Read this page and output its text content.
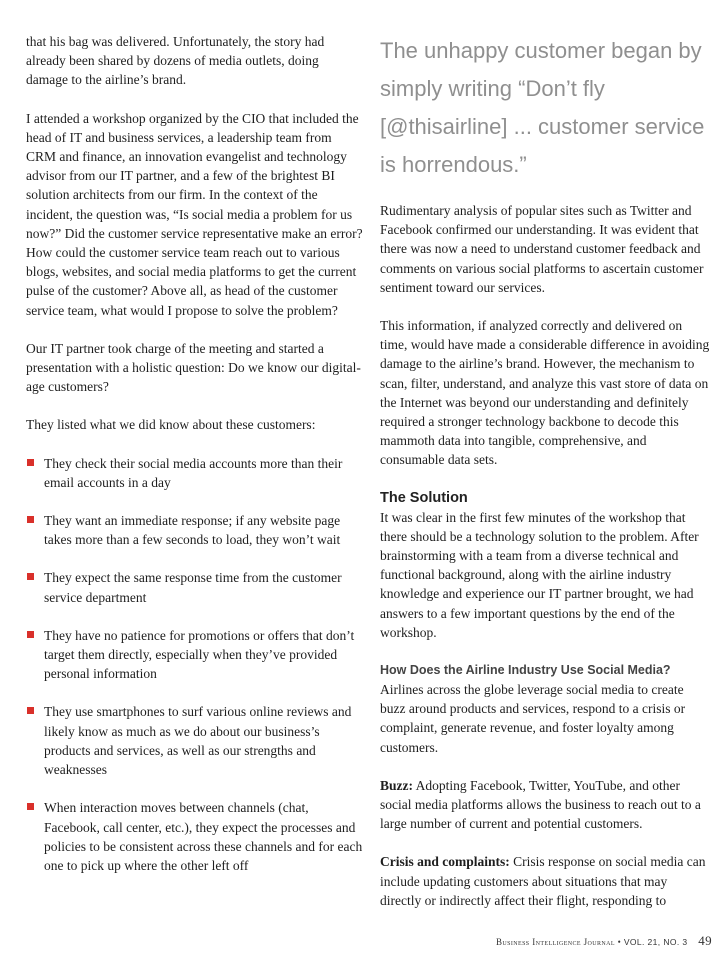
that his bag was delivered. Unfortunately, the story had already been shared by dozens of media outlets, doing damage to the airline’s brand.

I attended a workshop organized by the CIO that included the head of IT and business services, a leadership team from CRM and finance, an innovation evangelist and technology advisor from our IT partner, and a few of the brightest BI solution architects from our firm. In the context of the incident, the question was, “Is social media a problem for us now?” Did the customer service representative make an error? How could the customer service team reach out to various blogs, websites, and social media platforms to get the current pulse of the customer? Above all, as head of the customer service team, what would I propose to solve the problem?

Our IT partner took charge of the meeting and started a presentation with a holistic question: Do we know our digital-age customers?

They listed what we did know about these customers:

They check their social media accounts more than their email accounts in a day
They want an immediate response; if any website page takes more than a few seconds to load, they won’t wait
They expect the same response time from the customer service department
They have no patience for promotions or offers that don’t target them directly, especially when they’ve provided personal information
They use smartphones to surf various online reviews and likely know as much as we do about our business’s products and services, as well as our strengths and weaknesses
When interaction moves between channels (chat, Facebook, call center, etc.), they expect the processes and policies to be consistent across these channels and for each one to pick up where the other left off
The unhappy customer began by simply writing “Don’t fly [@thisairline] ... customer service is horrendous.”

Rudimentary analysis of popular sites such as Twitter and Facebook confirmed our understanding. It was evident that there was now a need to understand customer feedback and comments on various social platforms to ascertain customer sentiment toward our services.

This information, if analyzed correctly and delivered on time, would have made a considerable difference in avoiding damage to the airline’s brand. However, the mechanism to scan, filter, understand, and analyze this vast store of data on the Internet was beyond our understanding and definitely required a stronger technology backbone to decode this mammoth data into tangible, comprehensive, and consumable data sets.

The Solution

It was clear in the first few minutes of the workshop that there should be a technology solution to the problem. After brainstorming with a team from a diverse technical and functional background, along with the airline industry knowledge and experience our IT partner brought, we had answers to a few important questions by the end of the workshop.

How Does the Airline Industry Use Social Media?

Airlines across the globe leverage social media to create buzz around products and services, respond to a crisis or complaint, generate revenue, and foster loyalty among customers.

Buzz: Adopting Facebook, Twitter, YouTube, and other social media platforms allows the business to reach out to a large number of current and potential customers.

Crisis and complaints: Crisis response on social media can include updating customers about situations that may directly or indirectly affect their flight, responding to

Business Intelligence Journal • VOL. 21, NO. 3 49
